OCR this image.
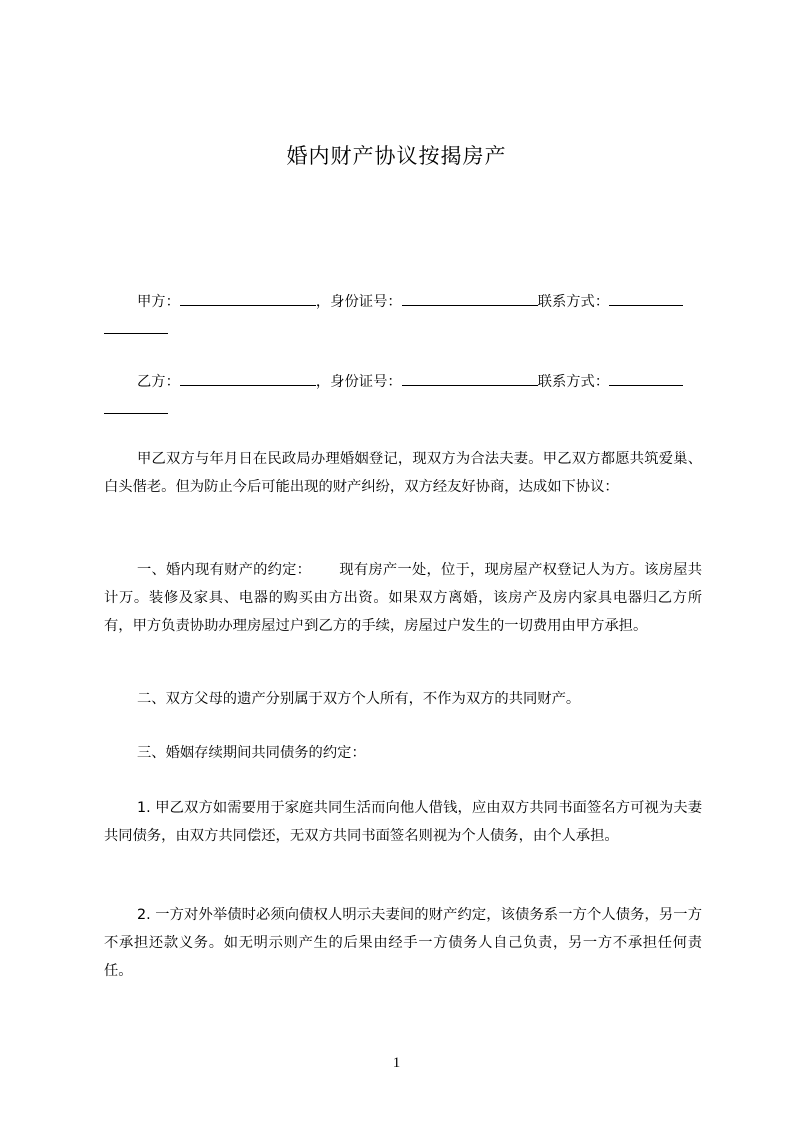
婚内财产协议按揭房产
甲方：	，身份证号：	联系方式：
乙方：	，身份证号：	联系方式：
甲乙双方与年月日在民政局办理婚姻登记，现双方为合法夫妻。甲乙双方都愿共筑爱巢、白头偕老。但为防止今后可能出现的财产纠纷，双方经友好协商，达成如下协议：
一、婚内现有财产的约定： 现有房产一处，位于，现房屋产权登记人为方。该房屋共计万。装修及家具、电器的购买由方出资。如果双方离婚，该房产及房内家具电器归乙方所有，甲方负责协助办理房屋过户到乙方的手续，房屋过户发生的一切费用由甲方承担。
二、双方父母的遗产分别属于双方个人所有，不作为双方的共同财产。
三、婚姻存续期间共同债务的约定：
1. 甲乙双方如需要用于家庭共同生活而向他人借钱，应由双方共同书面签名方可视为夫妻共同债务，由双方共同偿还，无双方共同书面签名则视为个人债务，由个人承担。
2. 一方对外举债时必须向债权人明示夫妻间的财产约定，该债务系一方个人债务，另一方不承担还款义务。如无明示则产生的后果由经手一方债务人自己负责，另一方不承担任何责任。
1
